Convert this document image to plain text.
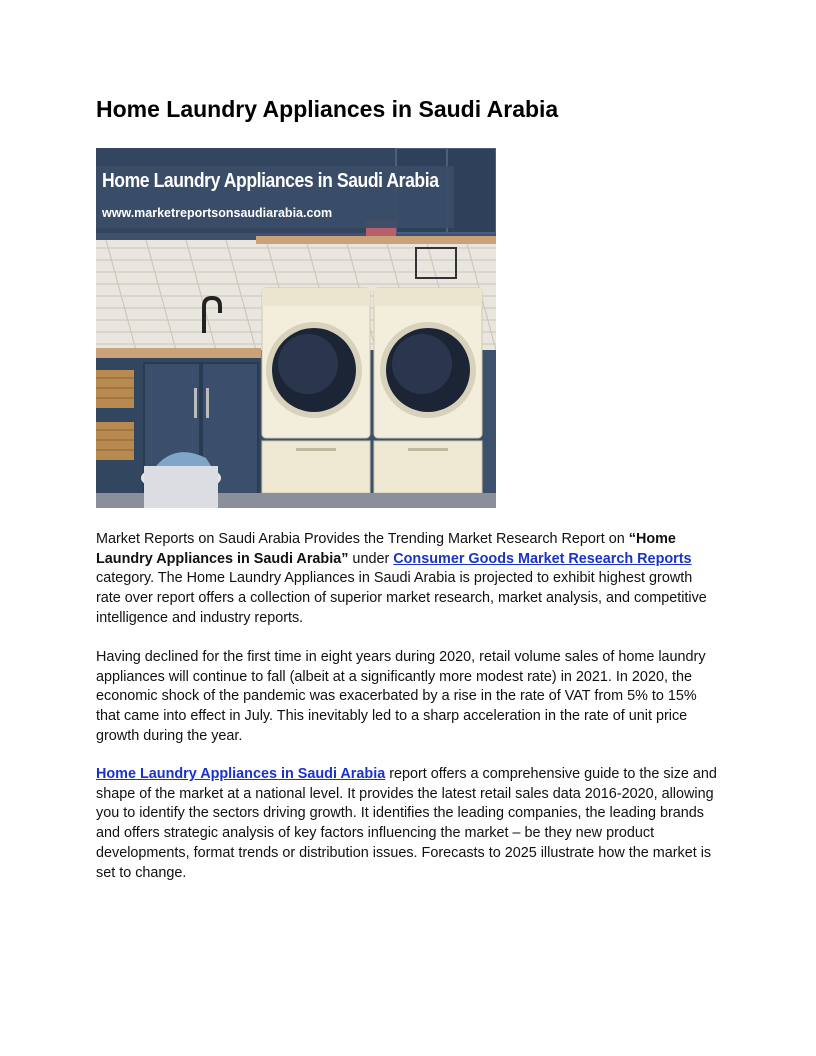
Home Laundry Appliances in Saudi Arabia
Home Laundry Appliances in Saudi Arabia
www.marketreportsonsaudiarabia.com

Market Reports on Saudi Arabia Provides the Trending Market Research Report on “Home Laundry Appliances in Saudi Arabia” under Consumer Goods Market Research Reports category. The Home Laundry Appliances in Saudi Arabia is projected to exhibit highest growth rate over report offers a collection of superior market research, market analysis, and competitive intelligence and industry reports.

Having declined for the first time in eight years during 2020, retail volume sales of home laundry appliances will continue to fall (albeit at a significantly more modest rate) in 2021. In 2020, the economic shock of the pandemic was exacerbated by a rise in the rate of VAT from 5% to 15% that came into effect in July. This inevitably led to a sharp acceleration in the rate of unit price growth during the year.

Home Laundry Appliances in Saudi Arabia report offers a comprehensive guide to the size and shape of the market at a national level. It provides the latest retail sales data 2016-2020, allowing you to identify the sectors driving growth. It identifies the leading companies, the leading brands and offers strategic analysis of key factors influencing the market – be they new product developments, format trends or distribution issues. Forecasts to 2025 illustrate how the market is set to change.
